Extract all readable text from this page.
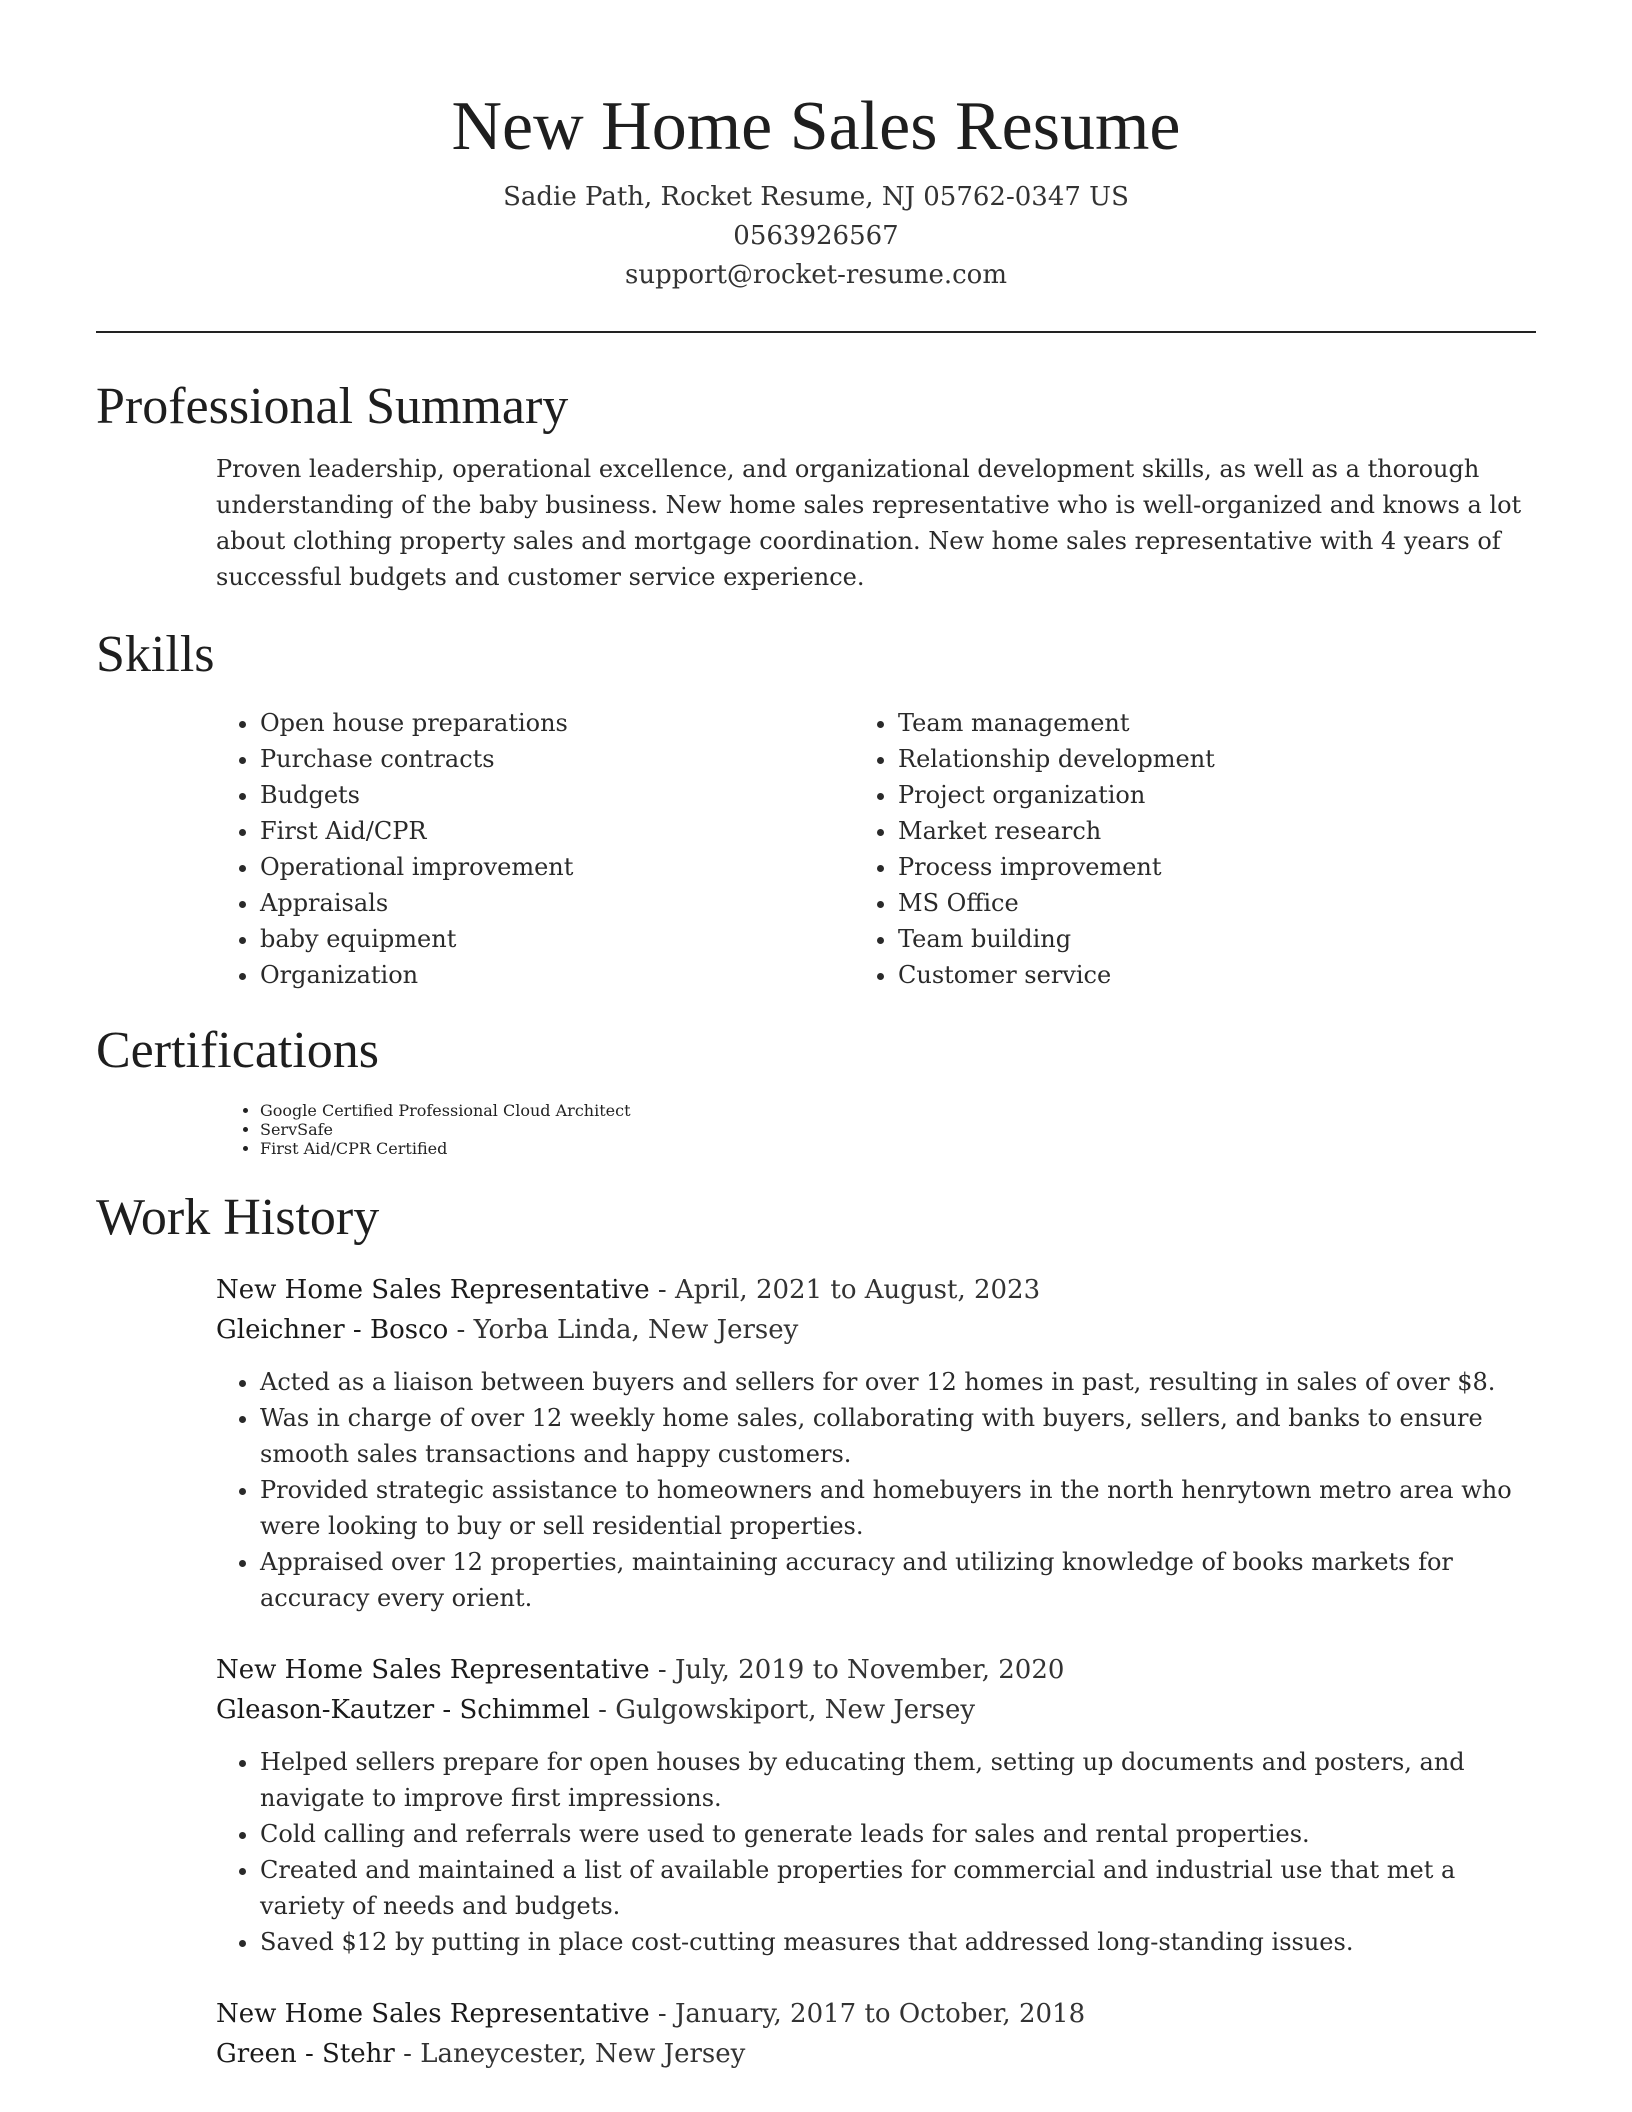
New Home Sales Resume
Sadie Path, Rocket Resume, NJ 05762-0347 US
0563926567
support@rocket-resume.com
Professional Summary

Proven leadership, operational excellence, and organizational development skills, as well as a thorough understanding of the baby business. New home sales representative who is well-organized and knows a lot about clothing property sales and mortgage coordination. New home sales representative with 4 years of successful budgets and customer service experience.

Skills
• Open house preparations
• Purchase contracts
• Budgets
• First Aid/CPR
• Operational improvement
• Appraisals
• baby equipment
• Organization
• Team management
• Relationship development
• Project organization
• Market research
• Process improvement
• MS Office
• Team building
• Customer service
Certifications
• Google Certified Professional Cloud Architect
• ServSafe
• First Aid/CPR Certified
Work History
New Home Sales Representative - April, 2021 to August, 2023
Gleichner - Bosco - Yorba Linda, New Jersey
• Acted as a liaison between buyers and sellers for over 12 homes in past, resulting in sales of over $8.
• Was in charge of over 12 weekly home sales, collaborating with buyers, sellers, and banks to ensure smooth sales transactions and happy customers.
• Provided strategic assistance to homeowners and homebuyers in the north henrytown metro area who were looking to buy or sell residential properties.
• Appraised over 12 properties, maintaining accuracy and utilizing knowledge of books markets for accuracy every orient.
New Home Sales Representative - July, 2019 to November, 2020
Gleason-Kautzer - Schimmel - Gulgowskiport, New Jersey
• Helped sellers prepare for open houses by educating them, setting up documents and posters, and navigate to improve first impressions.
• Cold calling and referrals were used to generate leads for sales and rental properties.
• Created and maintained a list of available properties for commercial and industrial use that met a variety of needs and budgets.
• Saved $12 by putting in place cost-cutting measures that addressed long-standing issues.
New Home Sales Representative - January, 2017 to October, 2018
Green - Stehr - Laneycester, New Jersey
